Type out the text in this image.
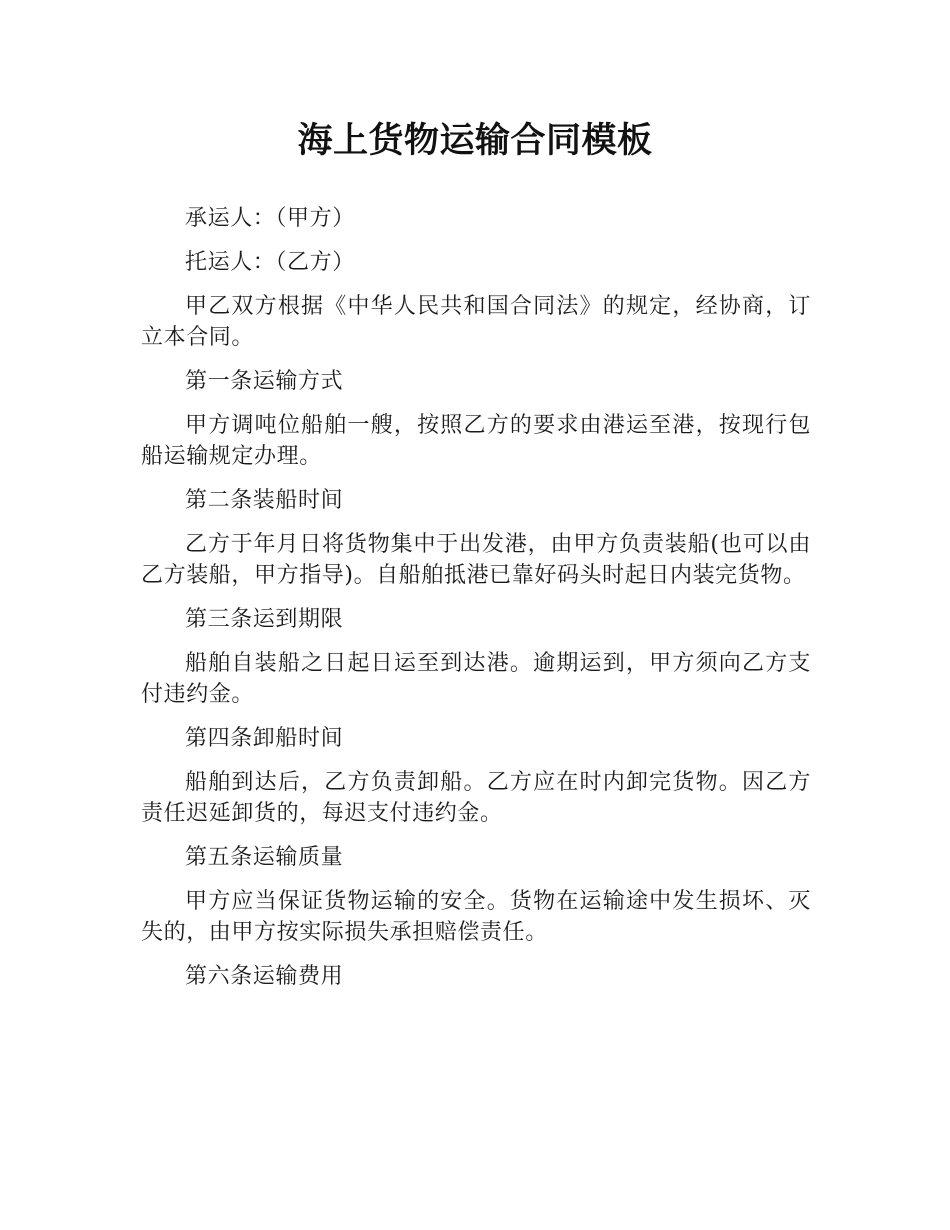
海上货物运输合同模板

承运人：（甲方）

托运人：（乙方）

甲乙双方根据《中华人民共和国合同法》的规定，经协商，订立本合同。

第一条运输方式

甲方调吨位船舶一艘，按照乙方的要求由港运至港，按现行包船运输规定办理。

第二条装船时间

乙方于年月日将货物集中于出发港，由甲方负责装船(也可以由乙方装船，甲方指导)。自船舶抵港已靠好码头时起日内装完货物。

第三条运到期限

船舶自装船之日起日运至到达港。逾期运到，甲方须向乙方支付违约金。

第四条卸船时间

船舶到达后，乙方负责卸船。乙方应在时内卸完货物。因乙方责任迟延卸货的，每迟支付违约金。

第五条运输质量

甲方应当保证货物运输的安全。货物在运输途中发生损坏、灭失的，由甲方按实际损失承担赔偿责任。

第六条运输费用
